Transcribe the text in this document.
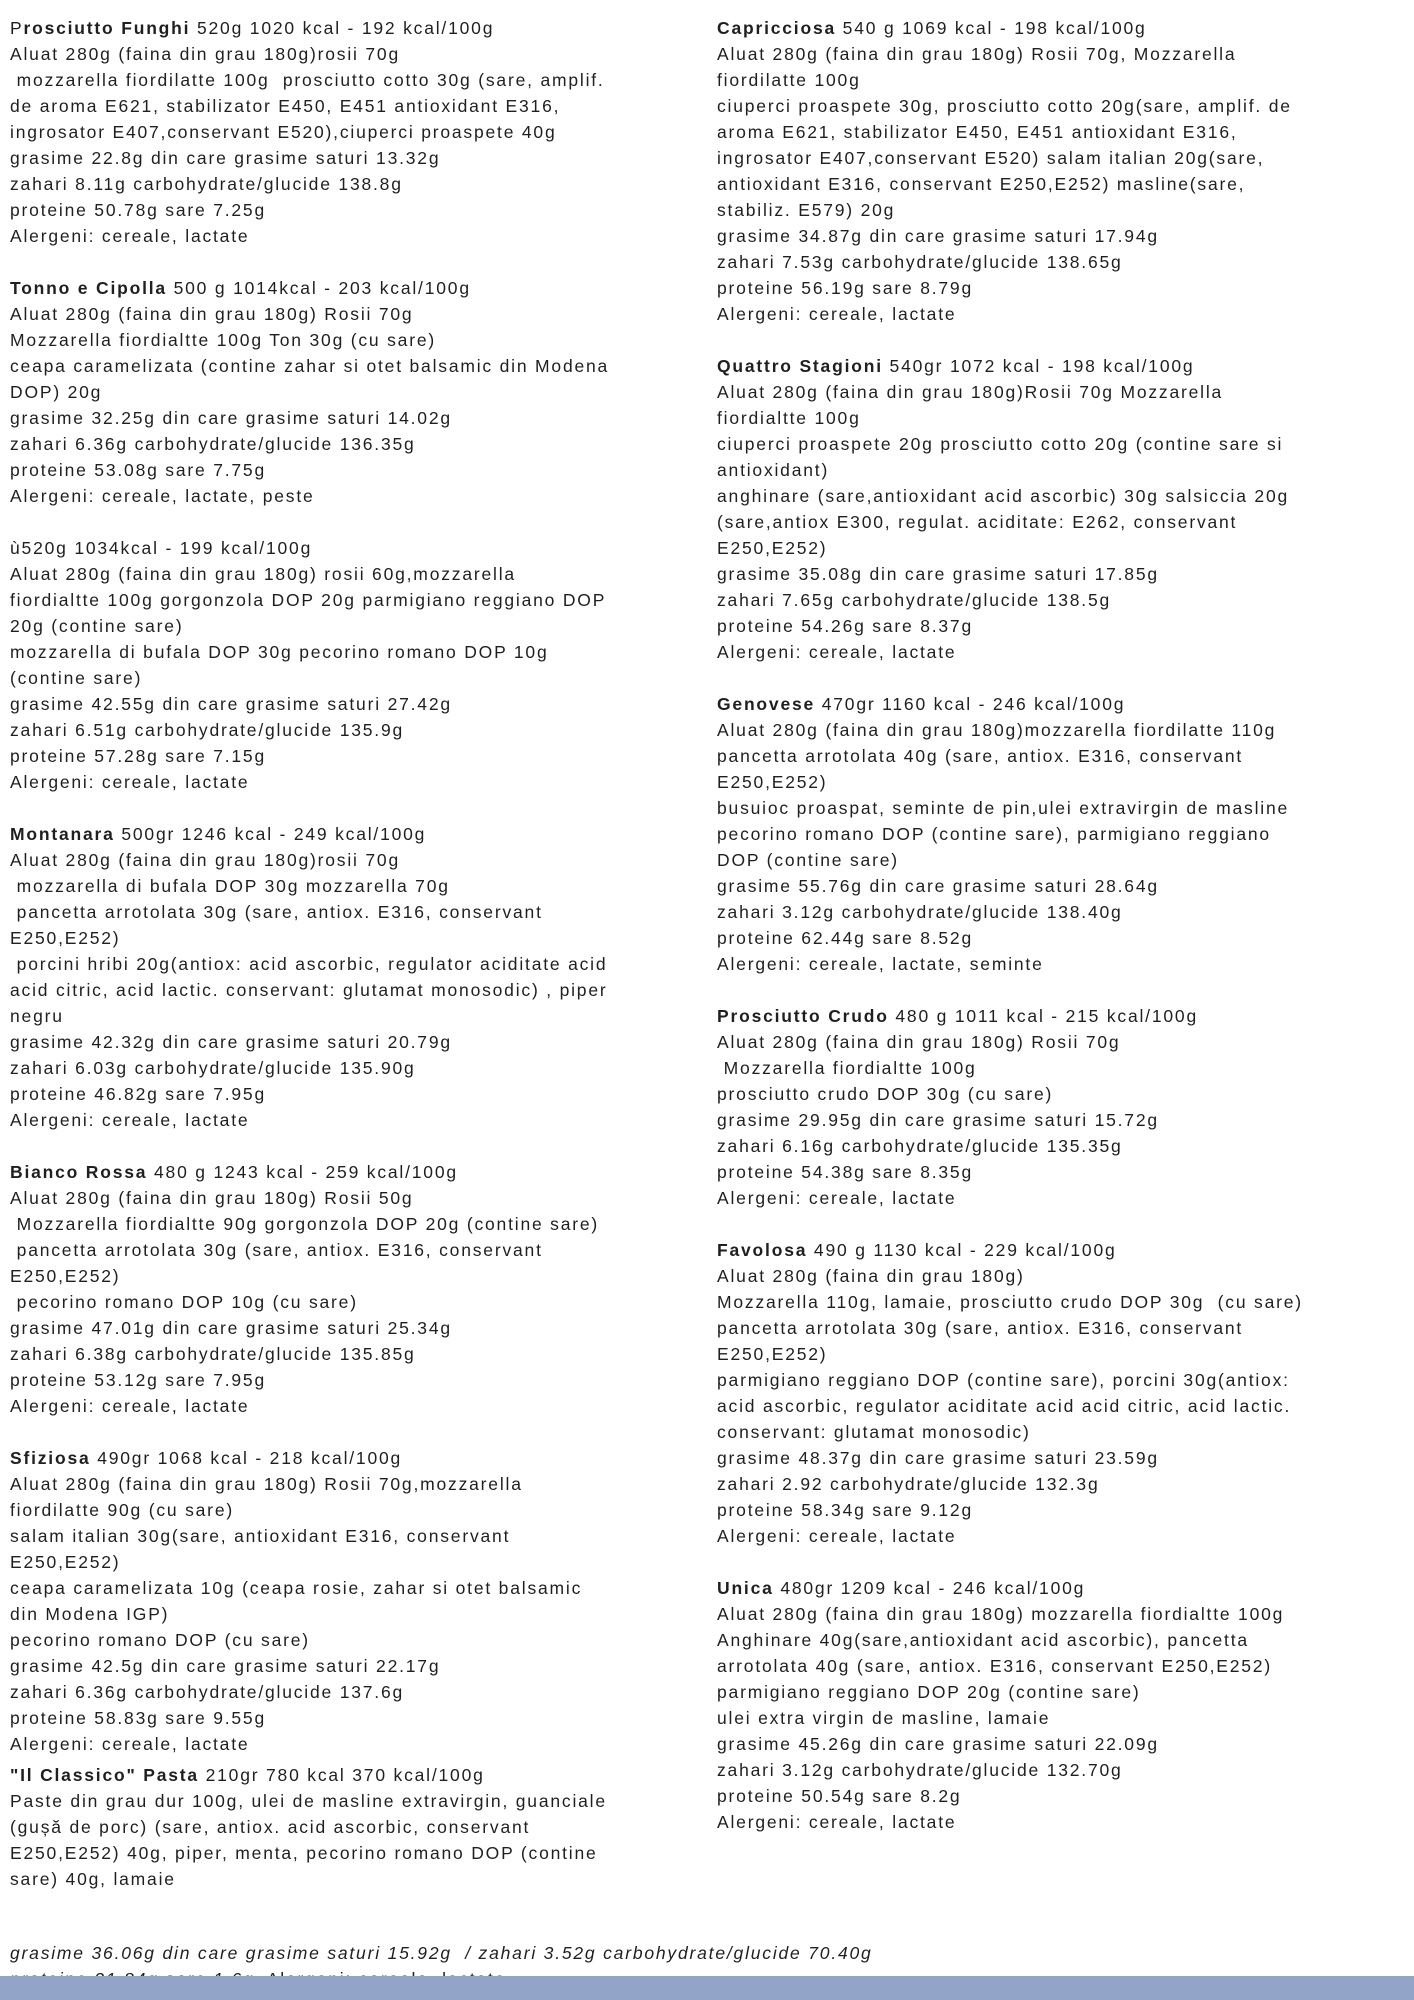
Prosciutto Funghi 520g 1020 kcal - 192 kcal/100g
Aluat 280g (faina din grau 180g)rosii 70g
mozzarella fiordilatte 100g  prosciutto cotto 30g (sare, amplif.
de aroma E621, stabilizator E450, E451 antioxidant E316,
ingrosator E407,conservant E520),ciuperci proaspete 40g
grasime 22.8g din care grasime saturi 13.32g
zahari 8.11g carbohydrate/glucide 138.8g
proteine 50.78g sare 7.25g
Alergeni: cereale, lactate
Tonno e Cipolla 500 g 1014kcal - 203 kcal/100g
Aluat 280g (faina din grau 180g) Rosii 70g
Mozzarella fiordialtte 100g Ton 30g (cu sare)
ceapa caramelizata (contine zahar si otet balsamic din Modena
DOP) 20g
grasime 32.25g din care grasime saturi 14.02g
zahari 6.36g carbohydrate/glucide 136.35g
proteine 53.08g sare 7.75g
Alergeni: cereale, lactate, peste
ù520g 1034kcal - 199 kcal/100g
Aluat 280g (faina din grau 180g) rosii 60g,mozzarella
fiordialtte 100g gorgonzola DOP 20g parmigiano reggiano DOP
20g (contine sare)
mozzarella di bufala DOP 30g pecorino romano DOP 10g
(contine sare)
grasime 42.55g din care grasime saturi 27.42g
zahari 6.51g carbohydrate/glucide 135.9g
proteine 57.28g sare 7.15g
Alergeni: cereale, lactate
Montanara 500gr 1246 kcal - 249 kcal/100g
Aluat 280g (faina din grau 180g)rosii 70g
mozzarella di bufala DOP 30g mozzarella 70g
pancetta arrotolata 30g (sare, antiox. E316, conservant
E250,E252)
porcini hribi 20g(antiox: acid ascorbic, regulator aciditate acid
acid citric, acid lactic. conservant: glutamat monosodic) , piper
negru
grasime 42.32g din care grasime saturi 20.79g
zahari 6.03g carbohydrate/glucide 135.90g
proteine 46.82g sare 7.95g
Alergeni: cereale, lactate
Bianco Rossa 480 g 1243 kcal - 259 kcal/100g
Aluat 280g (faina din grau 180g) Rosii 50g
Mozzarella fiordialtte 90g gorgonzola DOP 20g (contine sare)
pancetta arrotolata 30g (sare, antiox. E316, conservant
E250,E252)
pecorino romano DOP 10g (cu sare)
grasime 47.01g din care grasime saturi 25.34g
zahari 6.38g carbohydrate/glucide 135.85g
proteine 53.12g sare 7.95g
Alergeni: cereale, lactate
Sfiziosa 490gr 1068 kcal - 218 kcal/100g
Aluat 280g (faina din grau 180g) Rosii 70g,mozzarella
fiordilatte 90g (cu sare)
salam italian 30g(sare, antioxidant E316, conservant
E250,E252)
ceapa caramelizata 10g (ceapa rosie, zahar si otet balsamic
din Modena IGP)
pecorino romano DOP (cu sare)
grasime 42.5g din care grasime saturi 22.17g
zahari 6.36g carbohydrate/glucide 137.6g
proteine 58.83g sare 9.55g
Alergeni: cereale, lactate
"Il Classico" Pasta 210gr 780 kcal 370 kcal/100g
Paste din grau dur 100g, ulei de masline extravirgin, guanciale
(gușă de porc) (sare, antiox. acid ascorbic, conservant
E250,E252) 40g, piper, menta, pecorino romano DOP (contine
sare) 40g, lamaie
Capricciosa 540 g 1069 kcal - 198 kcal/100g
Aluat 280g (faina din grau 180g) Rosii 70g, Mozzarella
fiordilatte 100g
ciuperci proaspete 30g, prosciutto cotto 20g(sare, amplif. de
aroma E621, stabilizator E450, E451 antioxidant E316,
ingrosator E407,conservant E520) salam italian 20g(sare,
antioxidant E316, conservant E250,E252) masline(sare,
stabiliz. E579) 20g
grasime 34.87g din care grasime saturi 17.94g
zahari 7.53g carbohydrate/glucide 138.65g
proteine 56.19g sare 8.79g
Alergeni: cereale, lactate
Quattro Stagioni 540gr 1072 kcal - 198 kcal/100g
Aluat 280g (faina din grau 180g)Rosii 70g Mozzarella
fiordialtte 100g
ciuperci proaspete 20g prosciutto cotto 20g (contine sare si
antioxidant)
anghinare (sare,antioxidant acid ascorbic) 30g salsiccia 20g
(sare,antiox E300, regulat. aciditate: E262, conservant
E250,E252)
grasime 35.08g din care grasime saturi 17.85g
zahari 7.65g carbohydrate/glucide 138.5g
proteine 54.26g sare 8.37g
Alergeni: cereale, lactate
Genovese 470gr 1160 kcal - 246 kcal/100g
Aluat 280g (faina din grau 180g)mozzarella fiordilatte 110g
pancetta arrotolata 40g (sare, antiox. E316, conservant
E250,E252)
busuioc proaspat, seminte de pin,ulei extravirgin de masline
pecorino romano DOP (contine sare), parmigiano reggiano
DOP (contine sare)
grasime 55.76g din care grasime saturi 28.64g
zahari 3.12g carbohydrate/glucide 138.40g
proteine 62.44g sare 8.52g
Alergeni: cereale, lactate, seminte
Prosciutto Crudo 480 g 1011 kcal - 215 kcal/100g
Aluat 280g (faina din grau 180g) Rosii 70g
Mozzarella fiordialtte 100g
prosciutto crudo DOP 30g (cu sare)
grasime 29.95g din care grasime saturi 15.72g
zahari 6.16g carbohydrate/glucide 135.35g
proteine 54.38g sare 8.35g
Alergeni: cereale, lactate
Favolosa 490 g 1130 kcal - 229 kcal/100g
Aluat 280g (faina din grau 180g)
Mozzarella 110g, lamaie, prosciutto crudo DOP 30g  (cu sare)
pancetta arrotolata 30g (sare, antiox. E316, conservant
E250,E252)
parmigiano reggiano DOP (contine sare), porcini 30g(antiox:
acid ascorbic, regulator aciditate acid acid citric, acid lactic.
conservant: glutamat monosodic)
grasime 48.37g din care grasime saturi 23.59g
zahari 2.92 carbohydrate/glucide 132.3g
proteine 58.34g sare 9.12g
Alergeni: cereale, lactate
Unica 480gr 1209 kcal - 246 kcal/100g
Aluat 280g (faina din grau 180g) mozzarella fiordialtte 100g
Anghinare 40g(sare,antioxidant acid ascorbic), pancetta
arrotolata 40g (sare, antiox. E316, conservant E250,E252)
parmigiano reggiano DOP 20g (contine sare)
ulei extra virgin de masline, lamaie
grasime 45.26g din care grasime saturi 22.09g
zahari 3.12g carbohydrate/glucide 132.70g
proteine 50.54g sare 8.2g
Alergeni: cereale, lactate
grasime 36.06g din care grasime saturi 15.92g  / zahari 3.52g carbohydrate/glucide 70.40g
